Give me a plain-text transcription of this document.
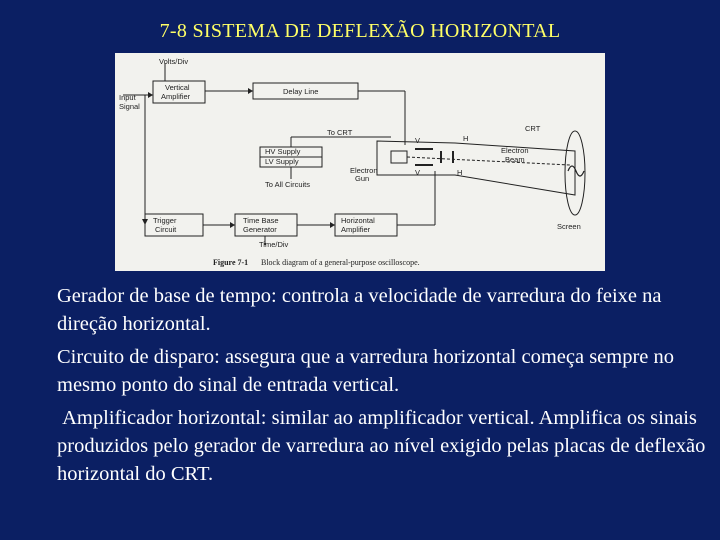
7-8 SISTEMA DE DEFLEXÃO HORIZONTAL
Volts/Div
Input
Signal
Vertical
Amplifier
Delay Line
To CRT
HV Supply
LV Supply
To All Circuits
Electron
Gun
CRT
Electron
Beam
Screen
Trigger
Circuit
Time Base
Generator
Horizontal
Amplifier
Time/Div
V	H
V	H
Figure 7-1 Block diagram of a general-purpose oscilloscope.

Gerador de base de tempo: controla a velocidade de varredura do feixe na direção horizontal.

Circuito de disparo: assegura que a varredura horizontal começa sempre no mesmo ponto do sinal de entrada vertical.

Amplificador horizontal: similar ao amplificador vertical. Amplifica os sinais produzidos pelo gerador de varredura ao nível exigido pelas placas de deflexão horizontal do CRT.
